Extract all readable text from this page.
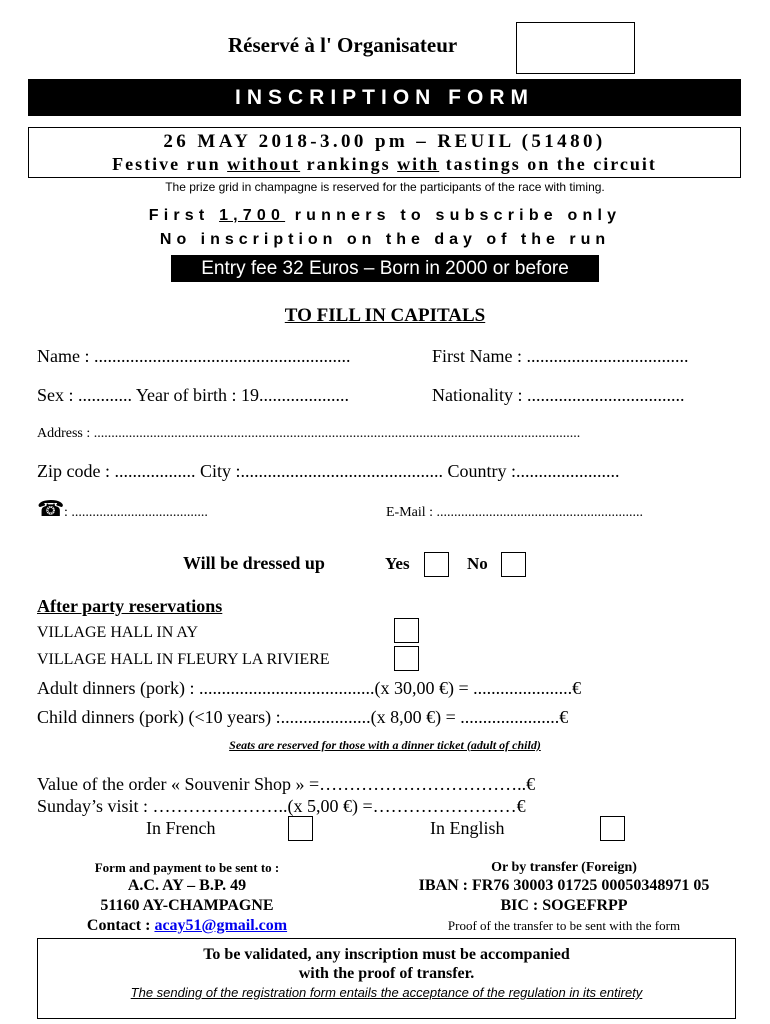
Réservé à l' Organisateur
INSCRIPTION FORM
26 MAY 2018-3.00 pm – REUIL (51480)
Festive run without rankings with tastings on the circuit
The prize grid in champagne is reserved for the participants of the race with timing.
First 1,700 runners to subscribe only
No inscription on the day of the run
Entry fee 32 Euros – Born in 2000 or before
TO FILL IN CAPITALS
Name : .........................................................	First Name : ....................................
Sex : ............ Year of birth : 19....................	Nationality : ...................................
Address : ...........................................................................................................................................
Zip code : .................. City :............................................. Country :.......................
☎ : .......................................	E-Mail : ...........................................................
Will be dressed up	Yes	No
After party reservations
VILLAGE HALL IN AY
VILLAGE HALL IN FLEURY LA RIVIERE
Adult dinners (pork) : .......................................(x 30,00 €) = ......................€
Child dinners (pork) (<10 years) :....................(x 8,00 €) = ......................€
Seats are reserved for those with a dinner ticket (adult of child)
Value of the order « Souvenir Shop » =……………………………..€
Sunday’s visit : …………………..(x 5,00 €) =……………………€
In French	In English
Form and payment to be sent to :
A.C. AY – B.P. 49
51160 AY-CHAMPAGNE
Contact : acay51@gmail.com
Or by transfer (Foreign)
IBAN : FR76 30003 01725 00050348971 05
BIC : SOGEFRPP
Proof of the transfer to be sent with the form
To be validated, any inscription must be accompanied
with the proof of transfer.
The sending of the registration form entails the acceptance of the regulation in its entirety
